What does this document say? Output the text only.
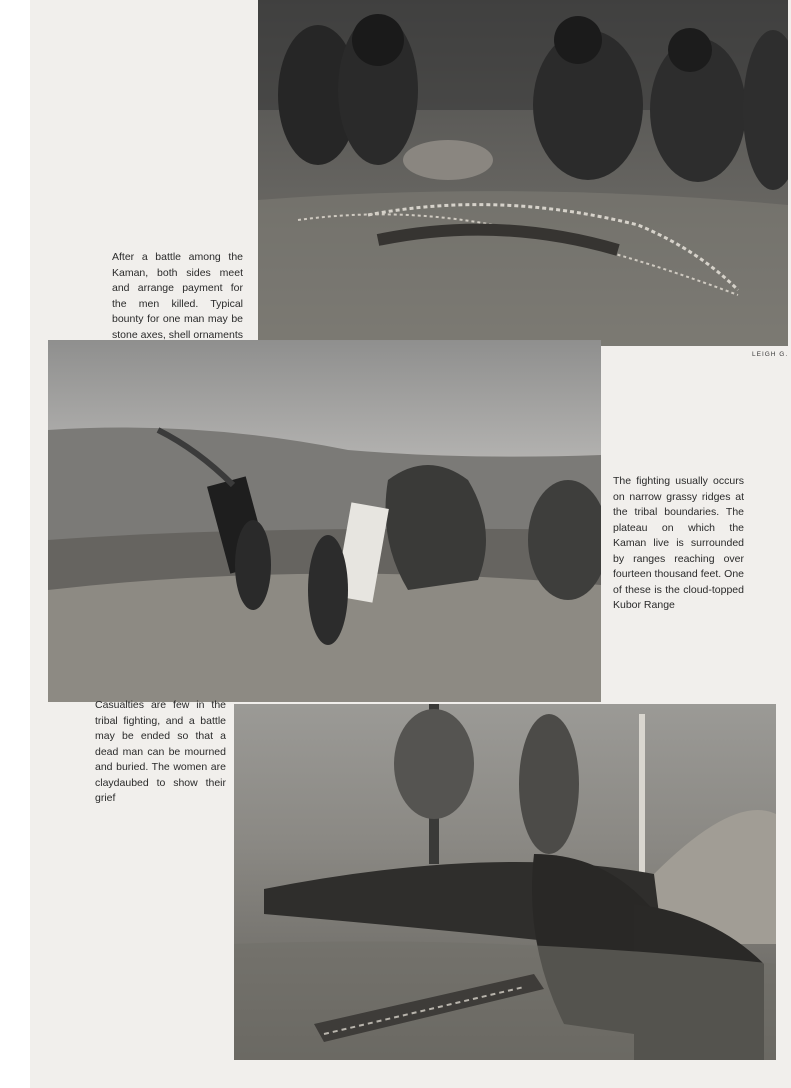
After a battle among the Kaman, both sides meet and arrange payment for the men killed. Typical bounty for one man may be stone axes, shell ornaments
LEIGH G.
The fighting usually occurs on narrow grassy ridges at the tribal boundaries. The plateau on which the Kaman live is surrounded by ranges reaching over fourteen thousand feet. One of these is the cloud-topped Kubor Range
Casualties are few in the tribal fighting, and a battle may be ended so that a dead man can be mourned and buried. The women are claydaubed to show their grief
